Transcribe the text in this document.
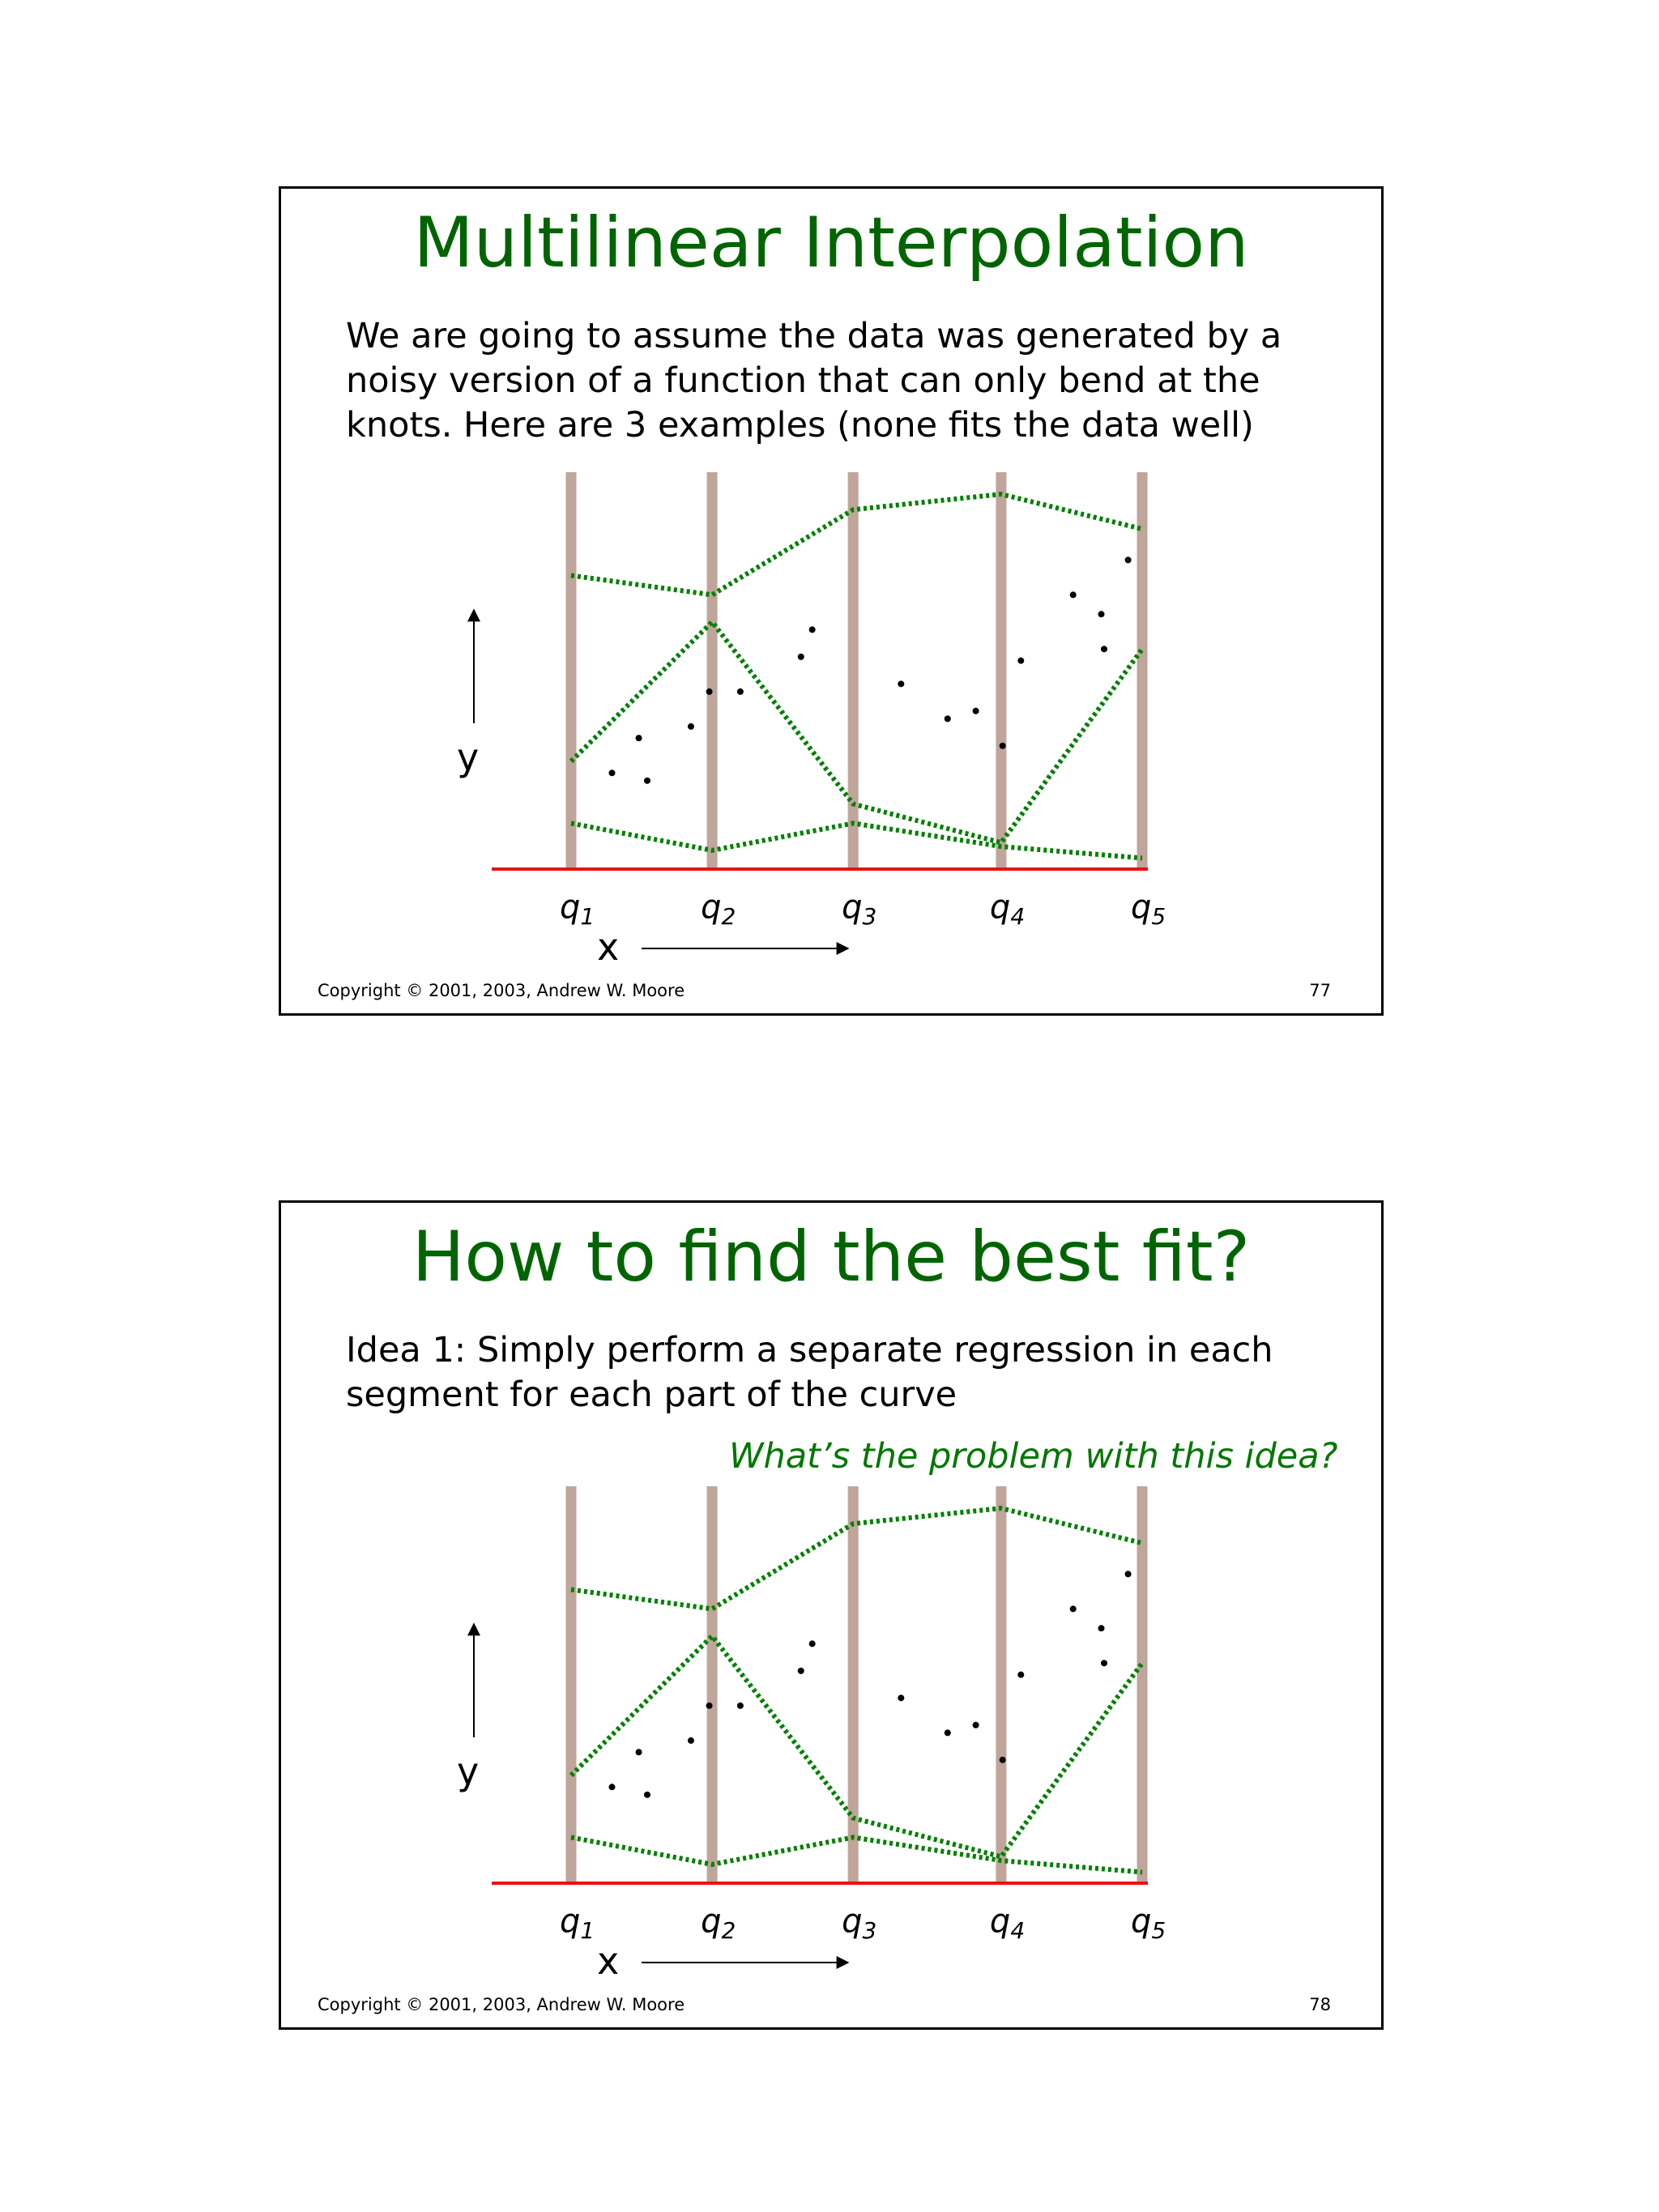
Multilinear Interpolation

We are going to assume the data was generated by a noisy version of a function that can only bend at the knots. Here are 3 examples (none fits the data well)

$q_1$	$q_2$	$q_3$	$q_4$	$q_5$
y
x
Copyright © 2001, 2003, Andrew W. Moore	77
How to find the best fit?

Idea 1: Simply perform a separate regression in each segment for each part of the curve

What’s the problem with this idea?

$q_1$	$q_2$	$q_3$	$q_4$	$q_5$
y
x
Copyright © 2001, 2003, Andrew W. Moore	78
